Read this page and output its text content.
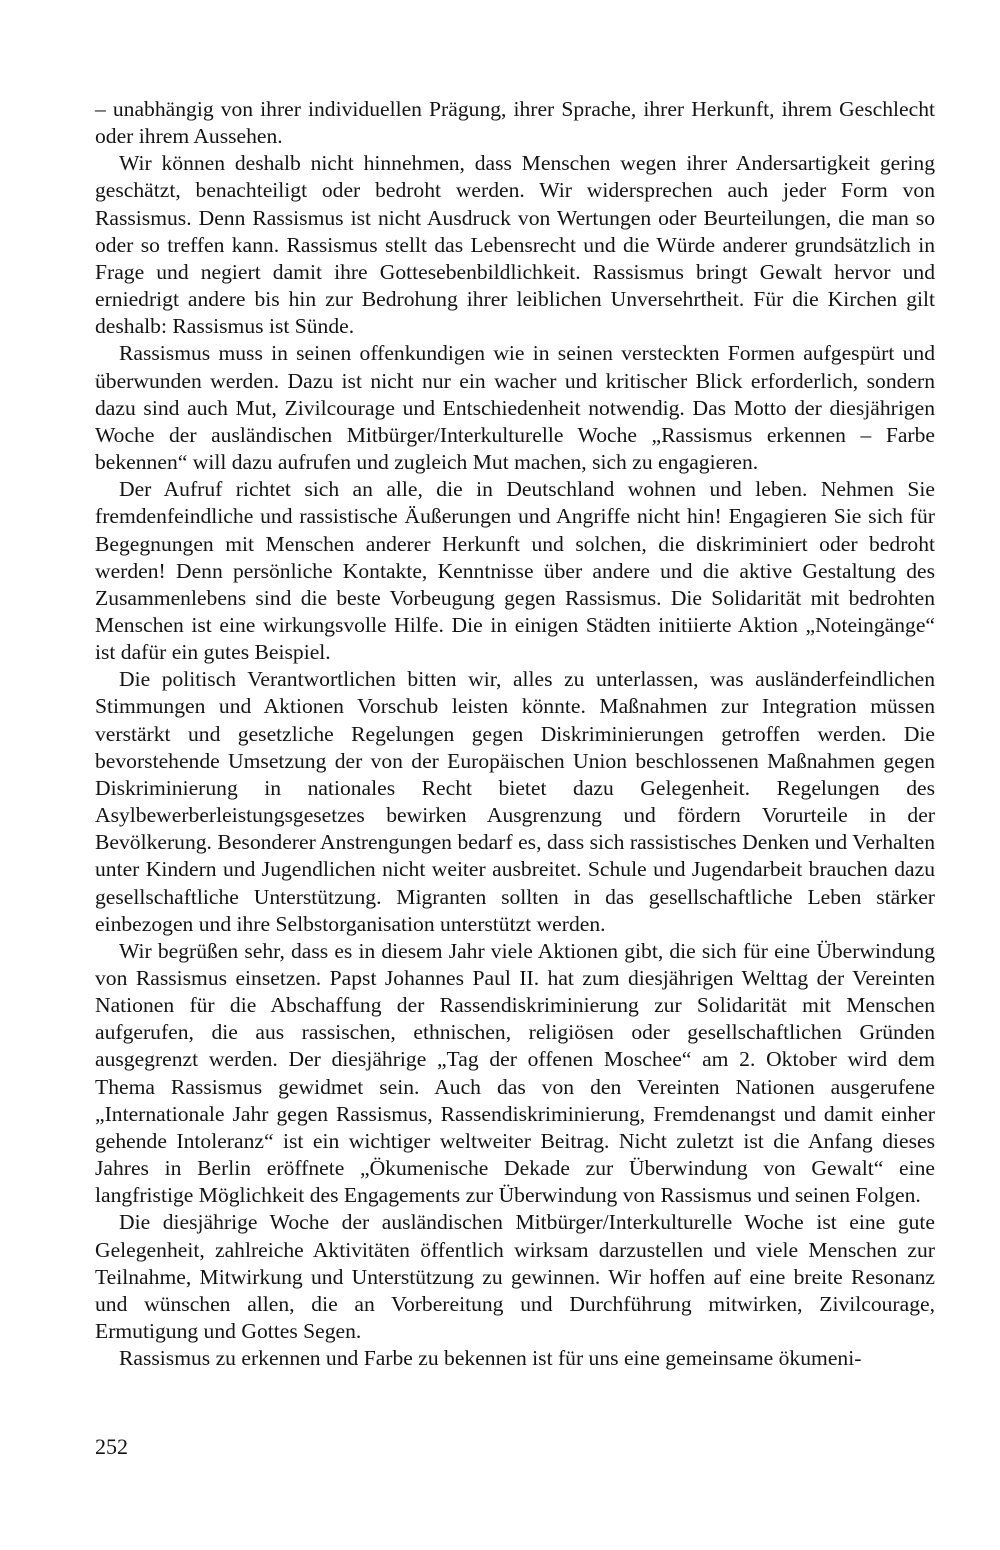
– unabhängig von ihrer individuellen Prägung, ihrer Sprache, ihrer Herkunft, ihrem Geschlecht oder ihrem Aussehen.

Wir können deshalb nicht hinnehmen, dass Menschen wegen ihrer Andersartigkeit gering geschätzt, benachteiligt oder bedroht werden. Wir widersprechen auch jeder Form von Rassismus. Denn Rassismus ist nicht Ausdruck von Wertungen oder Beurteilungen, die man so oder so treffen kann. Rassismus stellt das Lebensrecht und die Würde anderer grundsätzlich in Frage und negiert damit ihre Gottesebenbildlichkeit. Rassismus bringt Gewalt hervor und erniedrigt andere bis hin zur Bedrohung ihrer leiblichen Unversehrtheit. Für die Kirchen gilt deshalb: Rassismus ist Sünde.

Rassismus muss in seinen offenkundigen wie in seinen versteckten Formen aufgespürt und überwunden werden. Dazu ist nicht nur ein wacher und kritischer Blick erforderlich, sondern dazu sind auch Mut, Zivilcourage und Entschiedenheit notwendig. Das Motto der diesjährigen Woche der ausländischen Mitbürger/Interkulturelle Woche „Rassismus erkennen – Farbe bekennen“ will dazu aufrufen und zugleich Mut machen, sich zu engagieren.

Der Aufruf richtet sich an alle, die in Deutschland wohnen und leben. Nehmen Sie fremdenfeindliche und rassistische Äußerungen und Angriffe nicht hin! Engagieren Sie sich für Begegnungen mit Menschen anderer Herkunft und solchen, die diskriminiert oder bedroht werden! Denn persönliche Kontakte, Kenntnisse über andere und die aktive Gestaltung des Zusammenlebens sind die beste Vorbeugung gegen Rassismus. Die Solidarität mit bedrohten Menschen ist eine wirkungsvolle Hilfe. Die in einigen Städten initiierte Aktion „Noteingänge“ ist dafür ein gutes Beispiel.

Die politisch Verantwortlichen bitten wir, alles zu unterlassen, was ausländerfeindlichen Stimmungen und Aktionen Vorschub leisten könnte. Maßnahmen zur Integration müssen verstärkt und gesetzliche Regelungen gegen Diskriminierungen getroffen werden. Die bevorstehende Umsetzung der von der Europäischen Union beschlossenen Maßnahmen gegen Diskriminierung in nationales Recht bietet dazu Gelegenheit. Regelungen des Asylbewerberleistungsgesetzes bewirken Ausgrenzung und fördern Vorurteile in der Bevölkerung. Besonderer Anstrengungen bedarf es, dass sich rassistisches Denken und Verhalten unter Kindern und Jugendlichen nicht weiter ausbreitet. Schule und Jugendarbeit brauchen dazu gesellschaftliche Unterstützung. Migranten sollten in das gesellschaftliche Leben stärker einbezogen und ihre Selbstorganisation unterstützt werden.

Wir begrüßen sehr, dass es in diesem Jahr viele Aktionen gibt, die sich für eine Überwindung von Rassismus einsetzen. Papst Johannes Paul II. hat zum diesjährigen Welttag der Vereinten Nationen für die Abschaffung der Rassendiskriminierung zur Solidarität mit Menschen aufgerufen, die aus rassischen, ethnischen, religiösen oder gesellschaftlichen Gründen ausgegrenzt werden. Der diesjährige „Tag der offenen Moschee“ am 2. Oktober wird dem Thema Rassismus gewidmet sein. Auch das von den Vereinten Nationen ausgerufene „Internationale Jahr gegen Rassismus, Rassendiskriminierung, Fremdenangst und damit einher gehende Intoleranz“ ist ein wichtiger weltweiter Beitrag. Nicht zuletzt ist die Anfang dieses Jahres in Berlin eröffnete „Ökumenische Dekade zur Überwindung von Gewalt“ eine langfristige Möglichkeit des Engagements zur Überwindung von Rassismus und seinen Folgen.

Die diesjährige Woche der ausländischen Mitbürger/Interkulturelle Woche ist eine gute Gelegenheit, zahlreiche Aktivitäten öffentlich wirksam darzustellen und viele Menschen zur Teilnahme, Mitwirkung und Unterstützung zu gewinnen. Wir hoffen auf eine breite Resonanz und wünschen allen, die an Vorbereitung und Durchführung mitwirken, Zivilcourage, Ermutigung und Gottes Segen.

Rassismus zu erkennen und Farbe zu bekennen ist für uns eine gemeinsame ökumeni-

252
